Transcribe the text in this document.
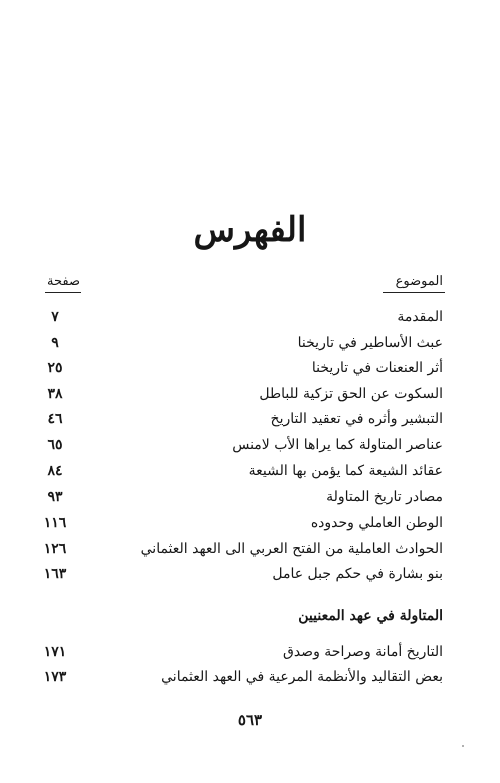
الفهرس
الموضوع
صفحة
المقدمة
٧
عبث الأساطير في تاريخنا
٩
أثر العنعنات في تاريخنا
٢٥
السكوت عن الحق تزكية للباطل
٣٨
التبشير وأثره في تعقيد التاريخ
٤٦
عناصر المتاولة كما يراها الأب لامنس
٦٥
عقائد الشيعة كما يؤمن بها الشيعة
٨٤
مصادر تاريخ المتاولة
٩٣
الوطن العاملي وحدوده
١١٦
الحوادث العاملية من الفتح العربي الى العهد العثماني
١٢٦
بنو بشارة في حكم جبل عامل
١٦٣
المتاولة في عهد المعنيين
التاريخ أمانة وصراحة وصدق
١٧١
بعض التقاليد والأنظمة المرعية في العهد العثماني
١٧٣
٥٦٣
